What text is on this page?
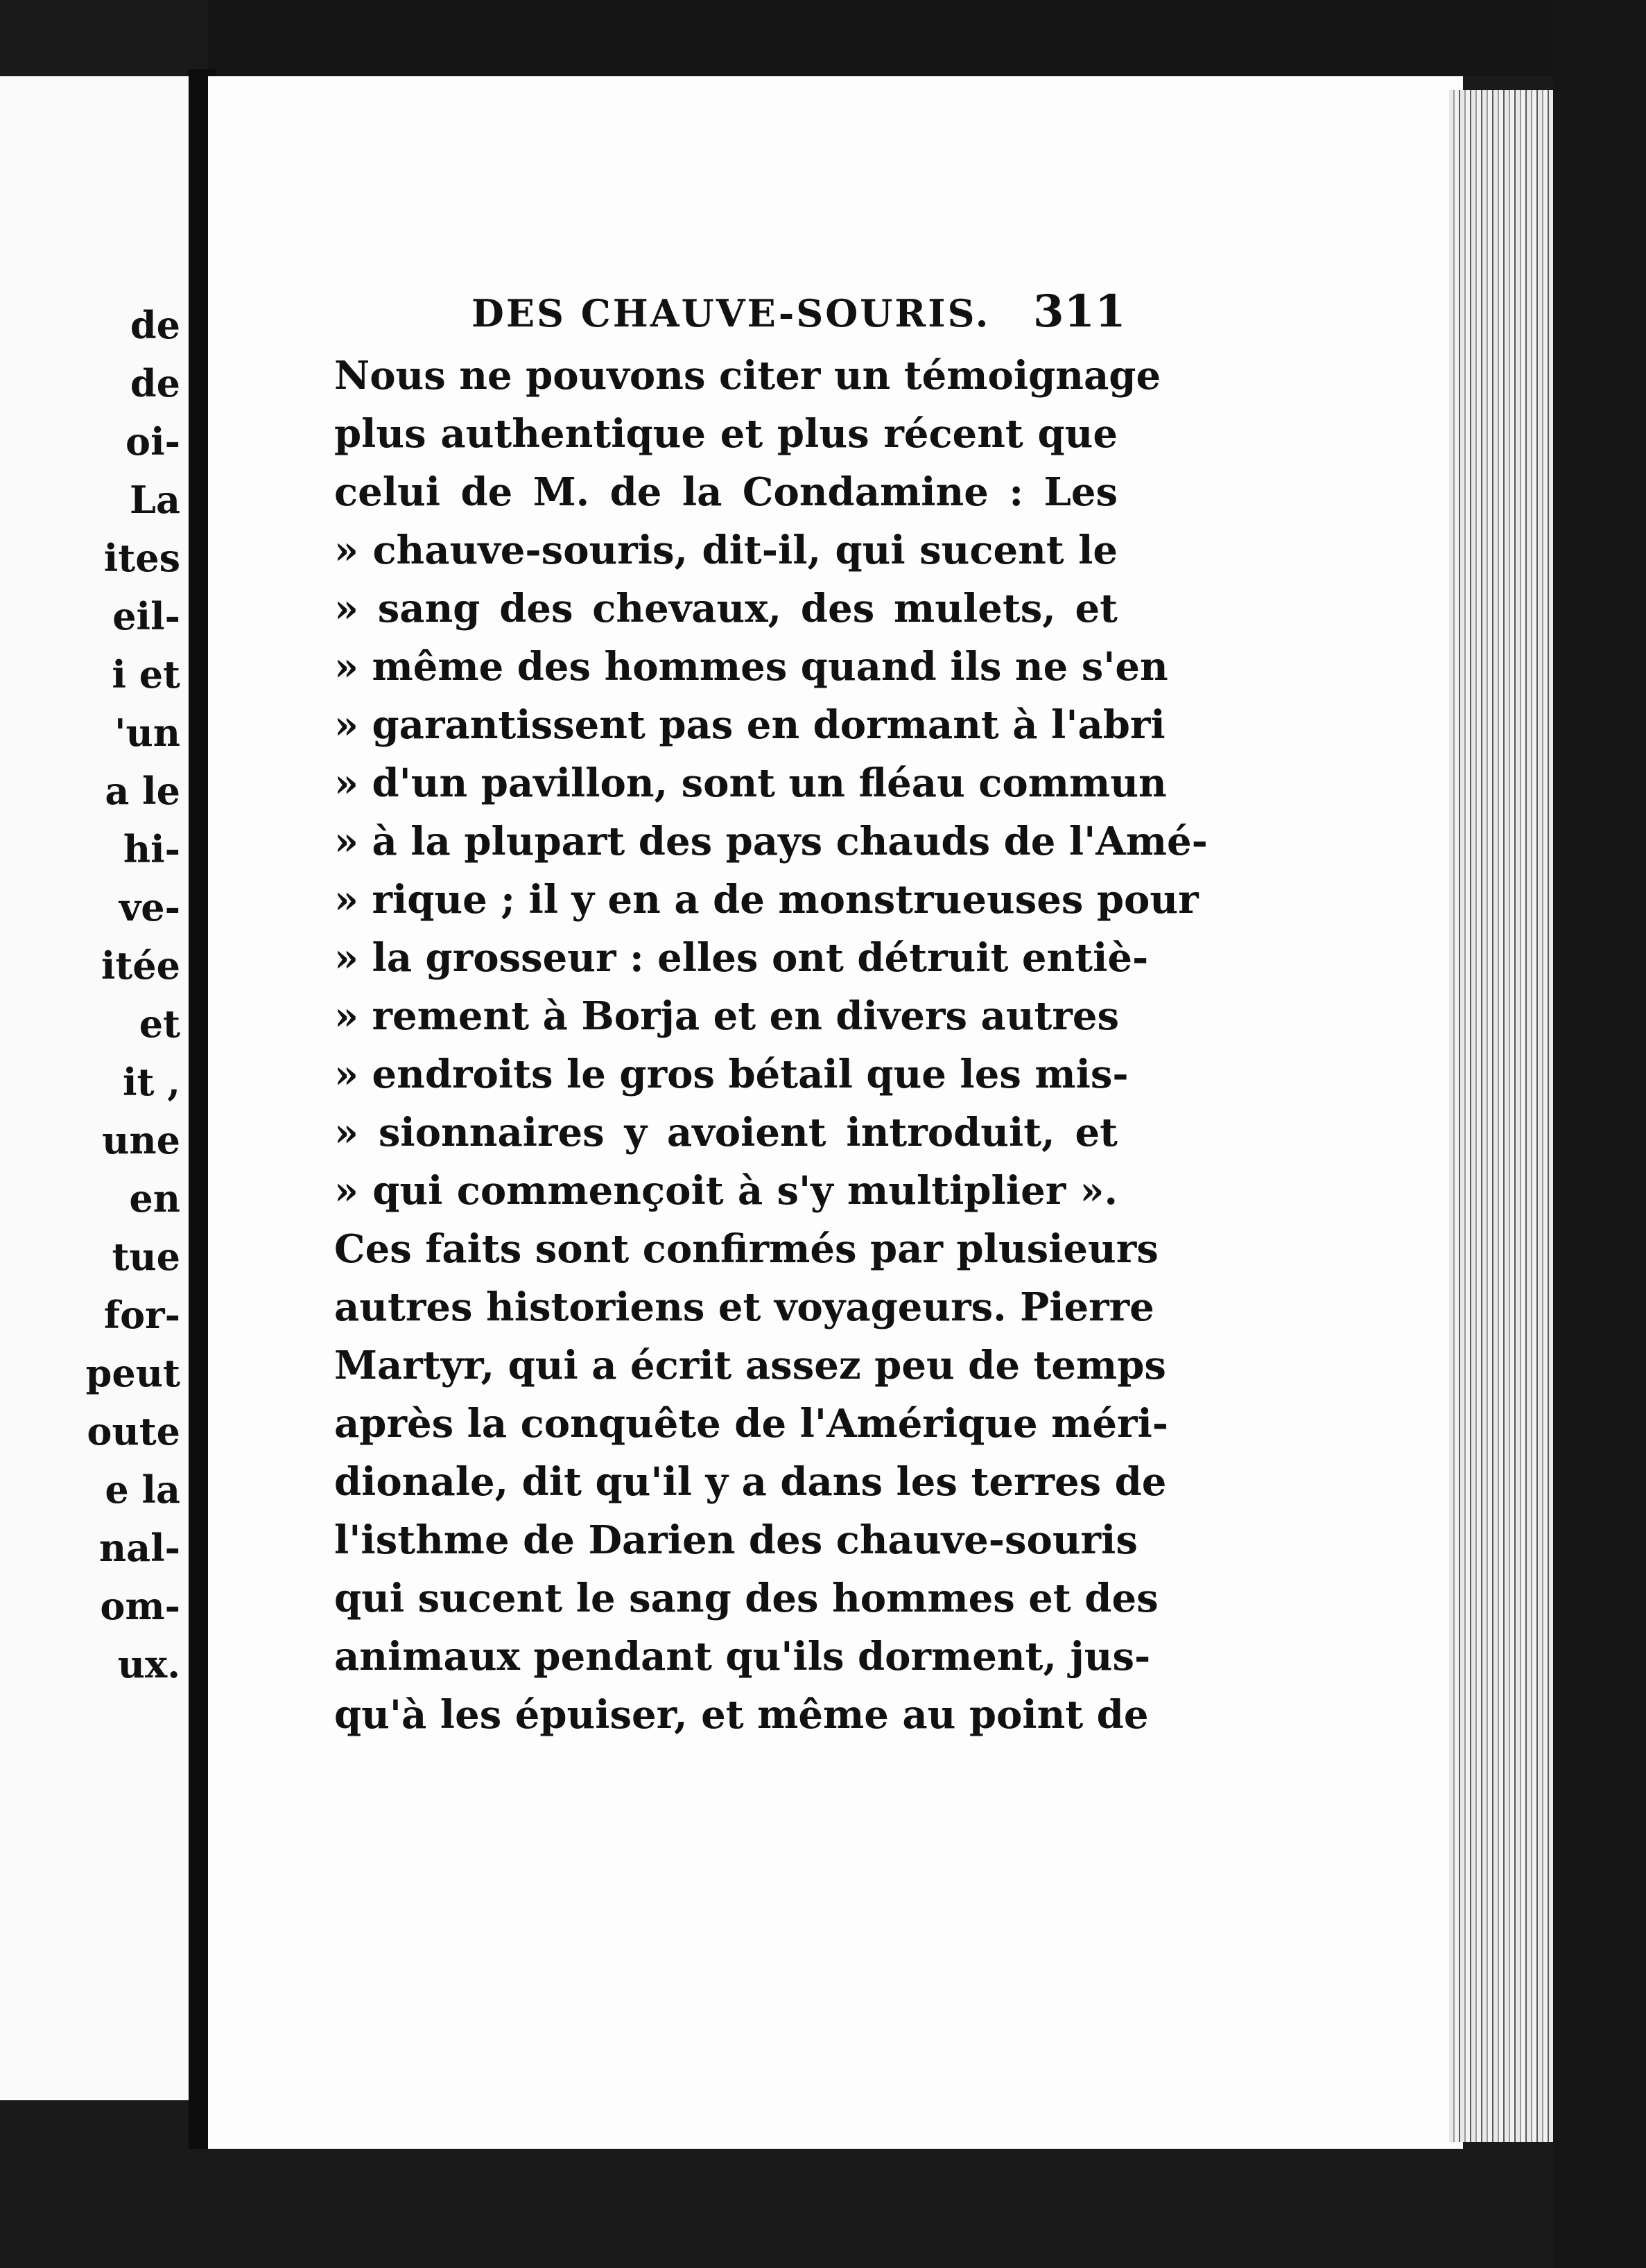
de
de
oi-
La
ites
eil-
i et
'un
a le
hi-
ve-
itée
et
it ,
une
en
tue
for-
peut
oute
e la
nal-
om-
ux.
DES CHAUVE-SOURIS. 311
Nous ne pouvons citer un témoignage
plus authentique et plus récent que
celui de M. de la Condamine : Les
» chauve-souris, dit-il, qui sucent le
» sang des chevaux, des mulets, et
» même des hommes quand ils ne s'en
» garantissent pas en dormant à l'abri
» d'un pavillon, sont un fléau commun
» à la plupart des pays chauds de l'Amé-
» rique ; il y en a de monstrueuses pour
» la grosseur : elles ont détruit entiè-
» rement à Borja et en divers autres
» endroits le gros bétail que les mis-
» sionnaires y avoient introduit, et
» qui commençoit à s'y multiplier ».
Ces faits sont confirmés par plusieurs
autres historiens et voyageurs. Pierre
Martyr, qui a écrit assez peu de temps
après la conquête de l'Amérique méri-
dionale, dit qu'il y a dans les terres de
l'isthme de Darien des chauve-souris
qui sucent le sang des hommes et des
animaux pendant qu'ils dorment, jus-
qu'à les épuiser, et même au point de
